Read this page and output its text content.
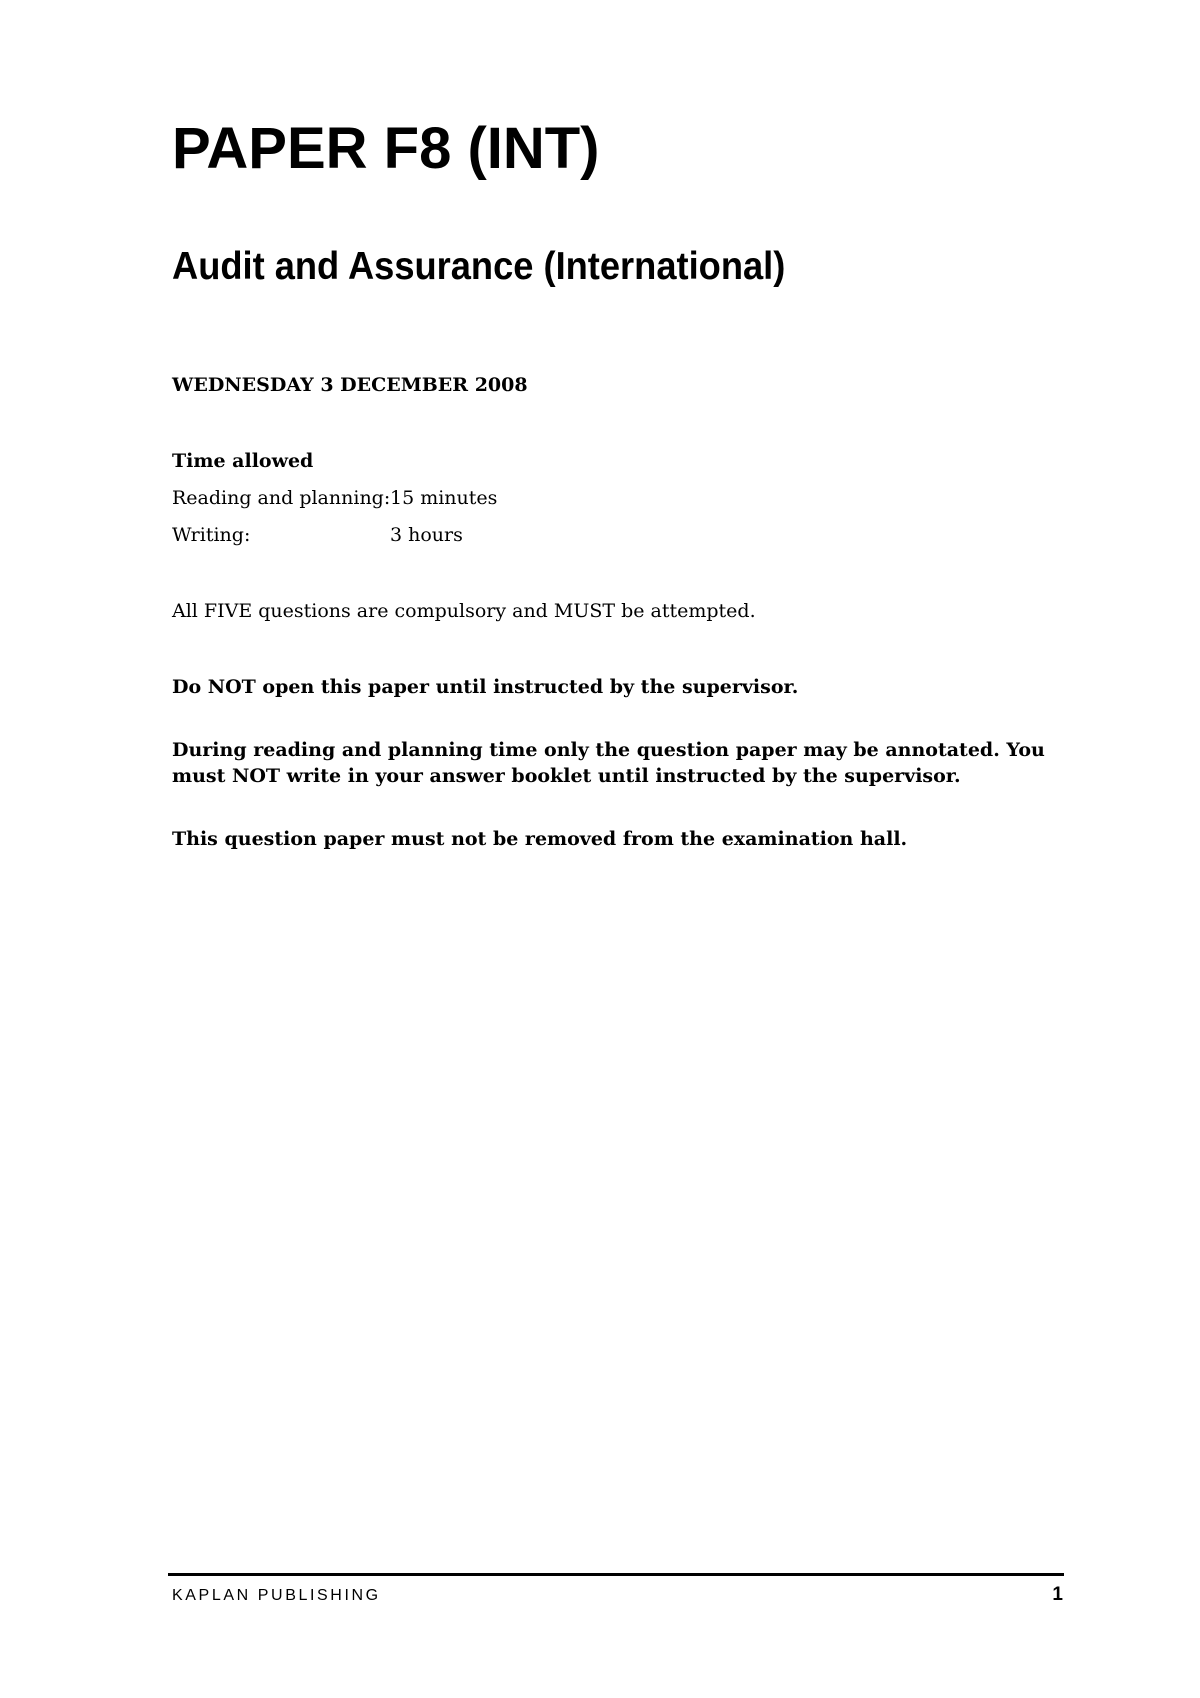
PAPER F8 (INT)
Audit and Assurance (International)
WEDNESDAY 3 DECEMBER 2008
Time allowed
Reading and planning: 15 minutes
Writing:	3 hours

All FIVE questions are compulsory and MUST be attempted.

Do NOT open this paper until instructed by the supervisor.

During reading and planning time only the question paper may be annotated. You must NOT write in your answer booklet until instructed by the supervisor.

This question paper must not be removed from the examination hall.

KAPLAN PUBLISHING	1
